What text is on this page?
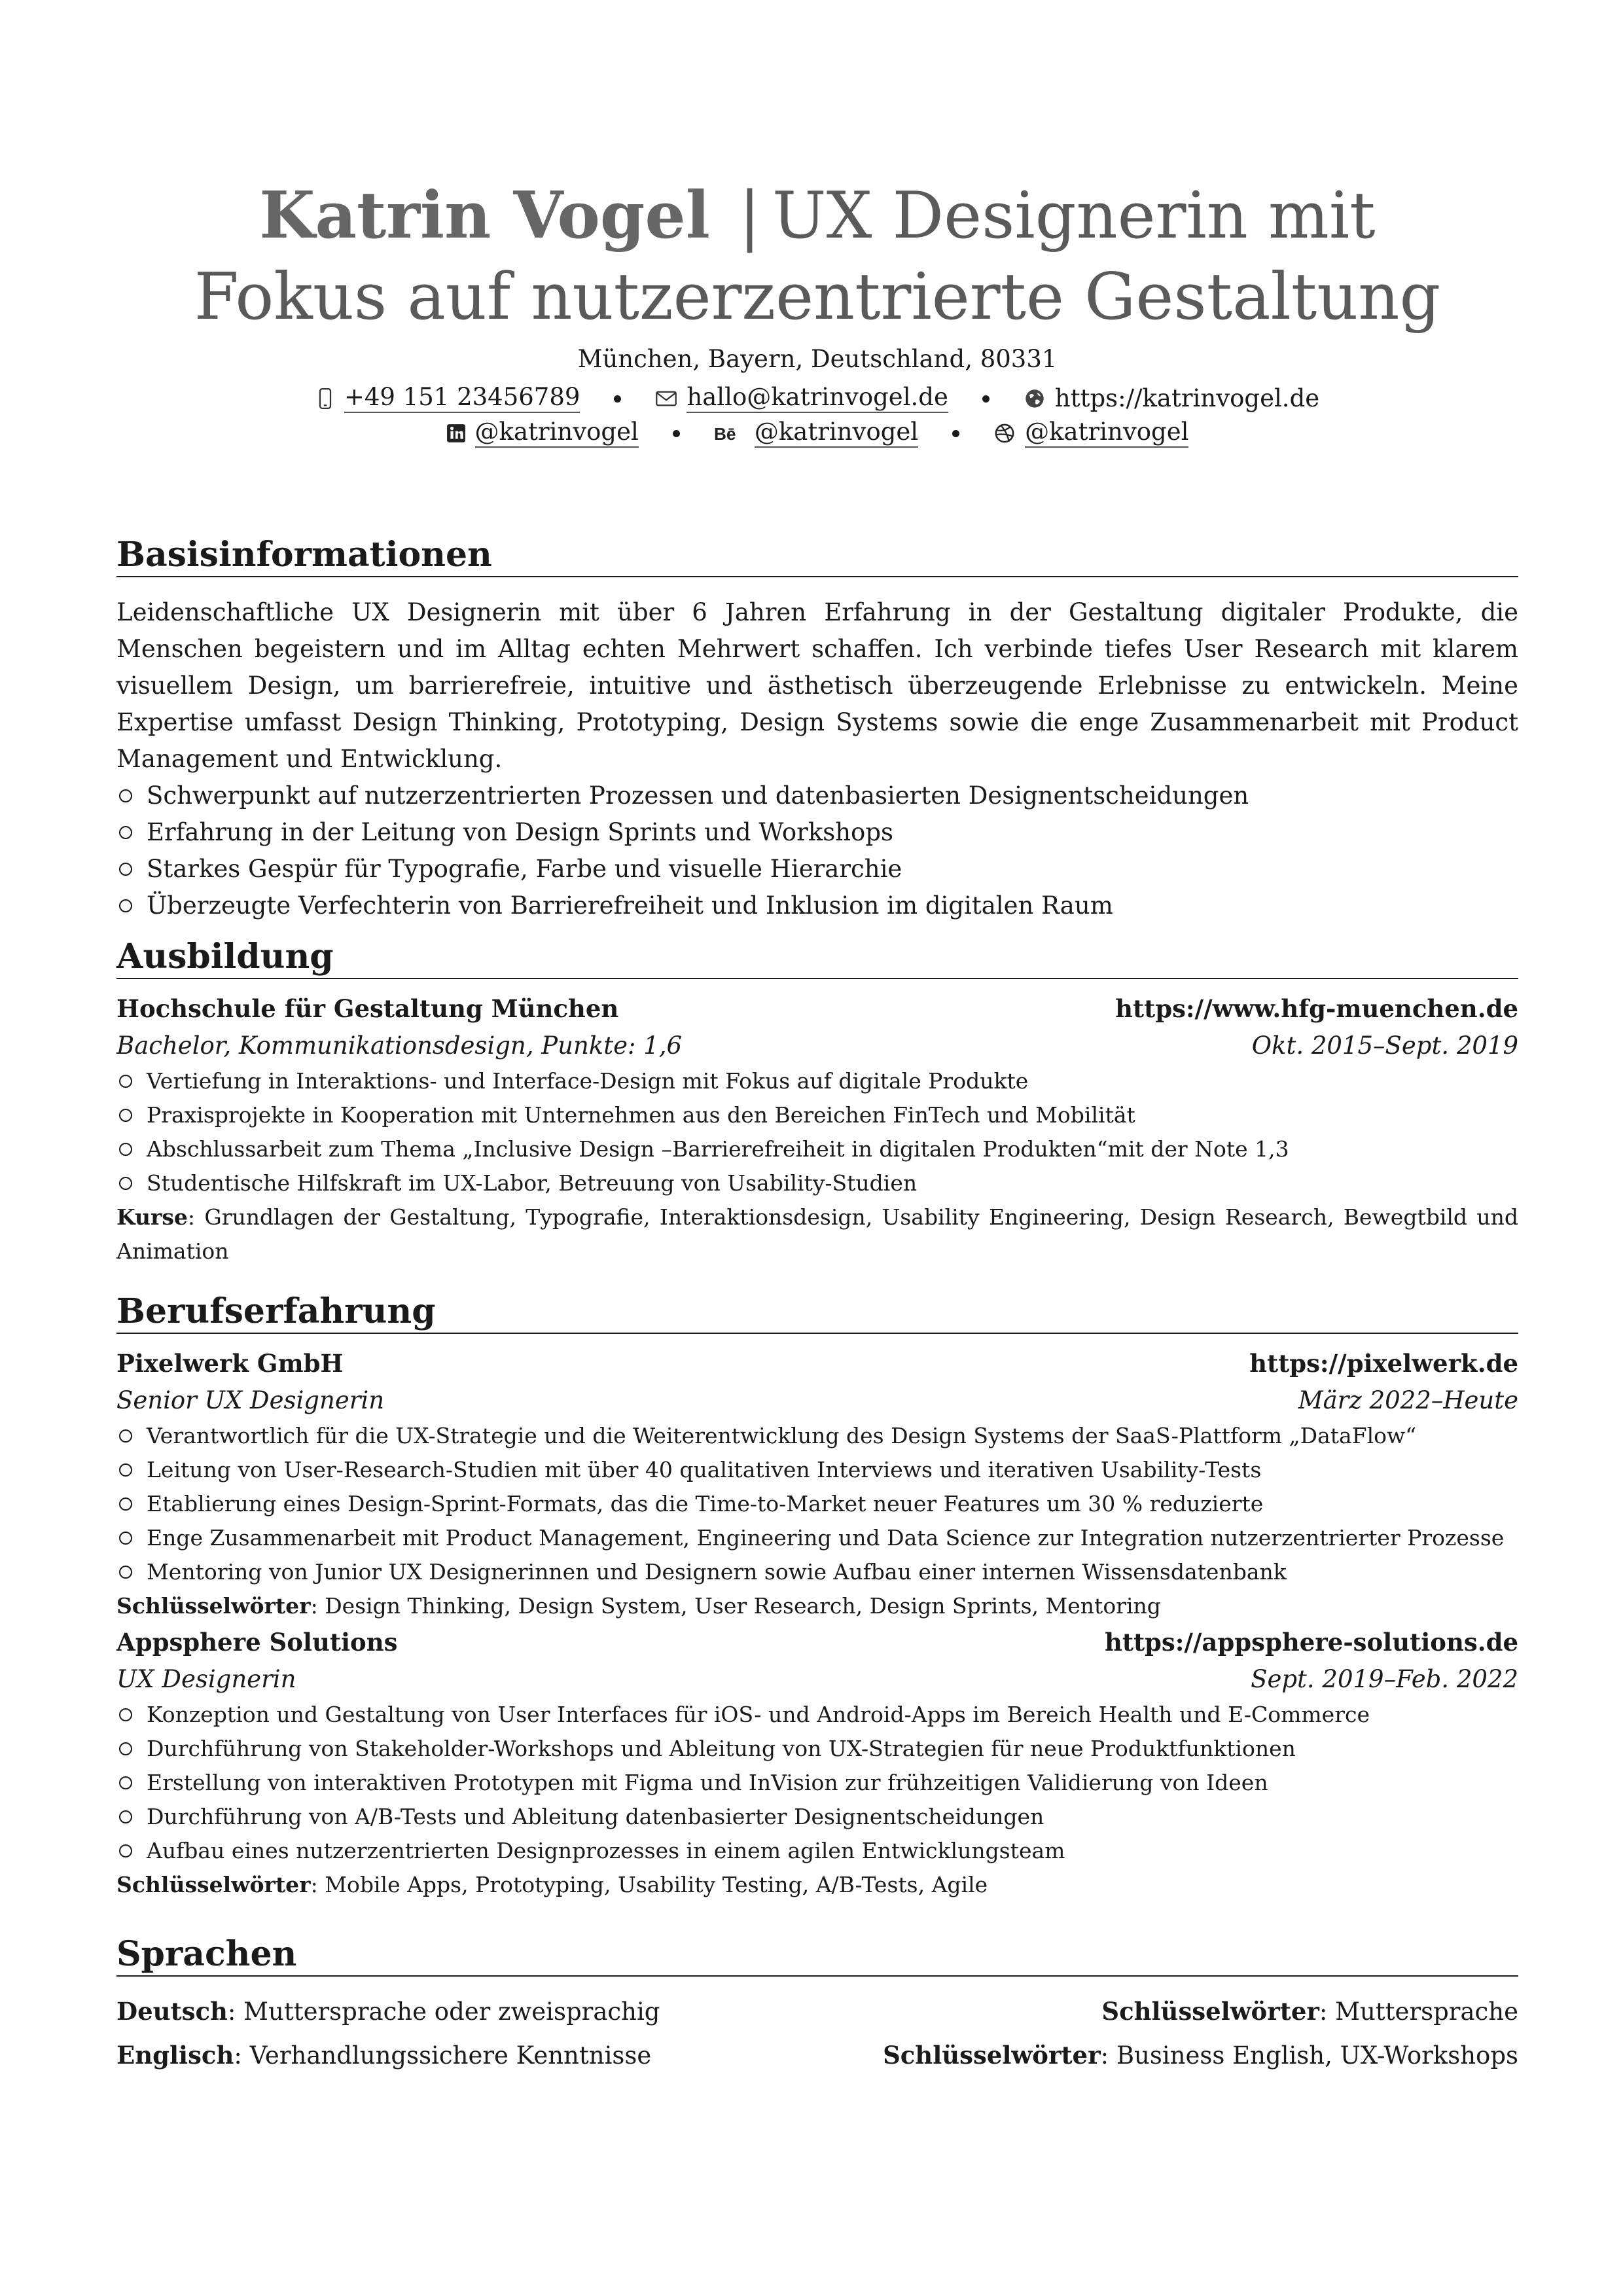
Katrin Vogel | UX Designerin mit
Fokus auf nutzerzentrierte Gestaltung
München, Bayern, Deutschland, 80331
+49 151 23456789	hallo@katrinvogel.de	https://katrinvogel.de
@katrinvogel	Bē @katrinvogel	@katrinvogel
Basisinformationen
Leidenschaftliche UX Designerin mit über 6 Jahren Erfahrung in der Gestaltung digitaler Produkte, die Menschen begeistern und im Alltag echten Mehrwert schaffen. Ich verbinde tiefes User Research mit klarem visuellem Design, um barrierefreie, intuitive und ästhetisch überzeugende Erlebnisse zu entwickeln. Meine Expertise umfasst Design Thinking, Prototyping, Design Systems sowie die enge Zusammenarbeit mit Product Management und Entwicklung.
Schwerpunkt auf nutzerzentrierten Prozessen und datenbasierten Designentscheidungen
Erfahrung in der Leitung von Design Sprints und Workshops
Starkes Gespür für Typografie, Farbe und visuelle Hierarchie
Überzeugte Verfechterin von Barrierefreiheit und Inklusion im digitalen Raum
Ausbildung
Hochschule für Gestaltung München	https://www.hfg-muenchen.de
Bachelor, Kommunikationsdesign, Punkte: 1,6	Okt. 2015–Sept. 2019
Vertiefung in Interaktions- und Interface-Design mit Fokus auf digitale Produkte
Praxisprojekte in Kooperation mit Unternehmen aus den Bereichen FinTech und Mobilität
Abschlussarbeit zum Thema „Inclusive Design –Barrierefreiheit in digitalen Produkten“mit der Note 1,3
Studentische Hilfskraft im UX-Labor, Betreuung von Usability-Studien
Kurse: Grundlagen der Gestaltung, Typografie, Interaktionsdesign, Usability Engineering, Design Research, Bewegtbild und Animation
Berufserfahrung
Pixelwerk GmbH	https://pixelwerk.de
Senior UX Designerin	März 2022–Heute
Verantwortlich für die UX-Strategie und die Weiterentwicklung des Design Systems der SaaS-Plattform „DataFlow“
Leitung von User-Research-Studien mit über 40 qualitativen Interviews und iterativen Usability-Tests
Etablierung eines Design-Sprint-Formats, das die Time-to-Market neuer Features um 30 % reduzierte
Enge Zusammenarbeit mit Product Management, Engineering und Data Science zur Integration nutzerzentrierter Prozesse
Mentoring von Junior UX Designerinnen und Designern sowie Aufbau einer internen Wissensdatenbank
Schlüsselwörter: Design Thinking, Design System, User Research, Design Sprints, Mentoring
Appsphere Solutions	https://appsphere-solutions.de
UX Designerin	Sept. 2019–Feb. 2022
Konzeption und Gestaltung von User Interfaces für iOS- und Android-Apps im Bereich Health und E-Commerce
Durchführung von Stakeholder-Workshops und Ableitung von UX-Strategien für neue Produktfunktionen
Erstellung von interaktiven Prototypen mit Figma und InVision zur frühzeitigen Validierung von Ideen
Durchführung von A/B-Tests und Ableitung datenbasierter Designentscheidungen
Aufbau eines nutzerzentrierten Designprozesses in einem agilen Entwicklungsteam
Schlüsselwörter: Mobile Apps, Prototyping, Usability Testing, A/B-Tests, Agile
Sprachen
Deutsch: Muttersprache oder zweisprachig	Schlüsselwörter: Muttersprache
Englisch: Verhandlungssichere Kenntnisse	Schlüsselwörter: Business English, UX-Workshops
